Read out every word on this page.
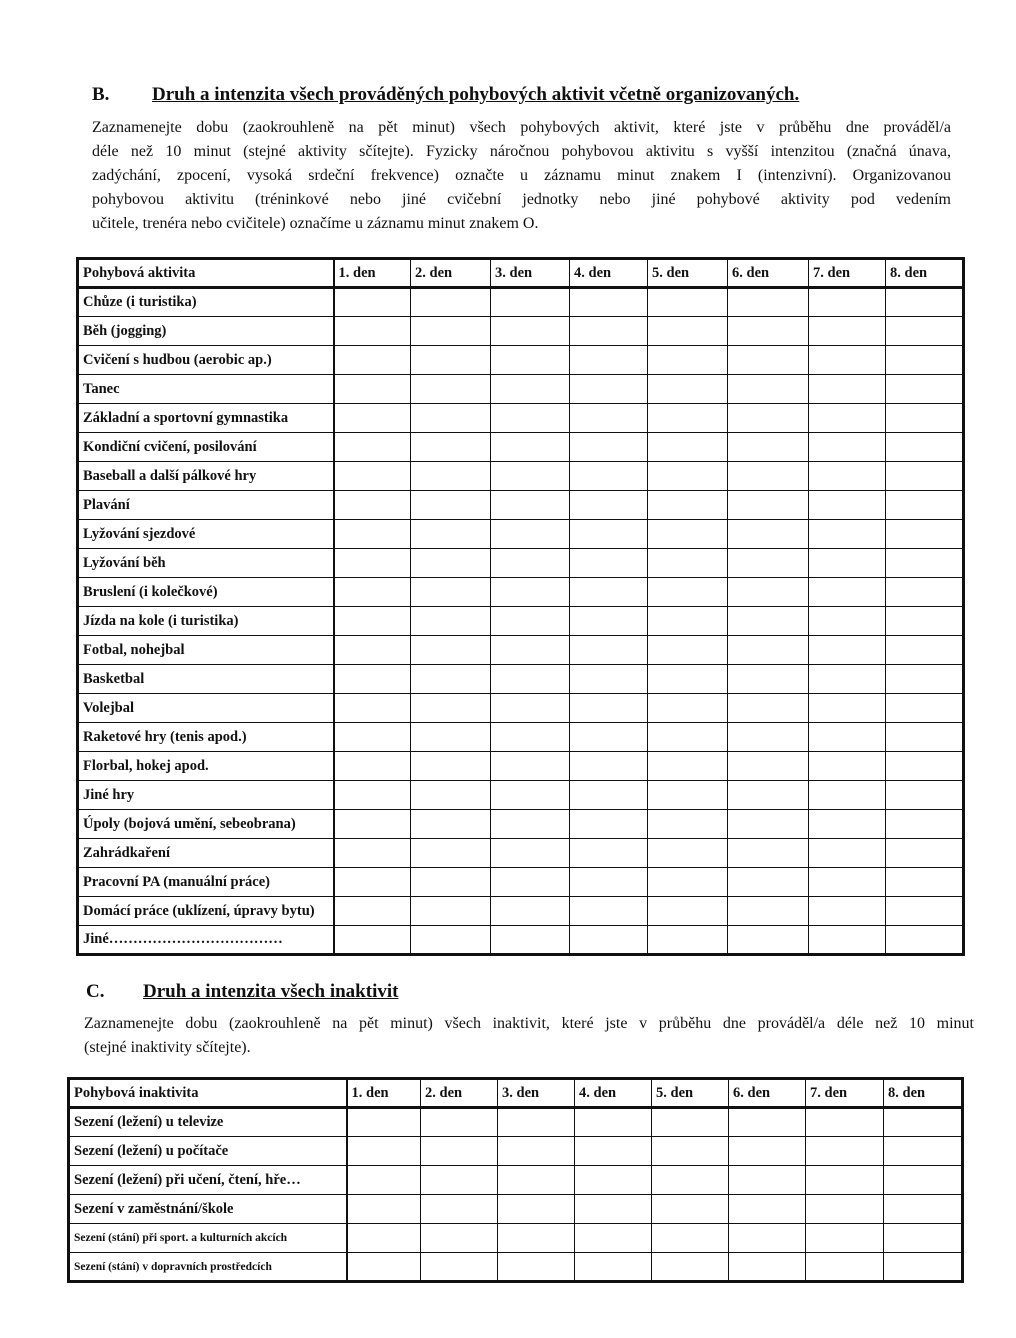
B. Druh a intenzita všech prováděných pohybových aktivit včetně organizovaných.
Zaznamenejte dobu (zaokrouhleně na pět minut) všech pohybových aktivit, které jste v průběhu dne prováděl/a
déle než 10 minut (stejné aktivity sčítejte). Fyzicky náročnou pohybovou aktivitu s vyšší intenzitou (značná únava,
zadýchání, zpocení, vysoká srdeční frekvence) označte u záznamu minut znakem I (intenzivní). Organizovanou
pohybovou aktivitu (tréninkové nebo jiné cvičební jednotky nebo jiné pohybové aktivity pod vedením
učitele, trenéra nebo cvičitele) označíme u záznamu minut znakem O.
Pohybová aktivita	1. den	2. den	3. den	4. den	5. den	6. den	7. den	8. den
Chůze (i turistika)								
Běh (jogging)								
Cvičení s hudbou (aerobic ap.)								
Tanec								
Základní a sportovní gymnastika								
Kondiční cvičení, posilování								
Baseball a další pálkové hry								
Plavání								
Lyžování sjezdové								
Lyžování běh								
Bruslení (i kolečkové)								
Jízda na kole (i turistika)								
Fotbal, nohejbal								
Basketbal								
Volejbal								
Raketové hry (tenis apod.)								
Florbal, hokej apod.								
Jiné hry								
Úpoly (bojová umění, sebeobrana)								
Zahrádkaření								
Pracovní PA (manuální práce)								
Domácí práce (uklízení, úpravy bytu)								
Jiné………………………………								
C. Druh a intenzita všech inaktivit
Zaznamenejte dobu (zaokrouhleně na pět minut) všech inaktivit, které jste v průběhu dne prováděl/a déle než 10 minut
(stejné inaktivity sčítejte).
Pohybová inaktivita	1. den	2. den	3. den	4. den	5. den	6. den	7. den	8. den
Sezení (ležení) u televize								
Sezení (ležení) u počítače								
Sezení (ležení) při učení, čtení, hře…								
Sezení v zaměstnání/škole								
Sezení (stání) při sport. a kulturních akcích								
Sezení (stání) v dopravních prostředcích								
